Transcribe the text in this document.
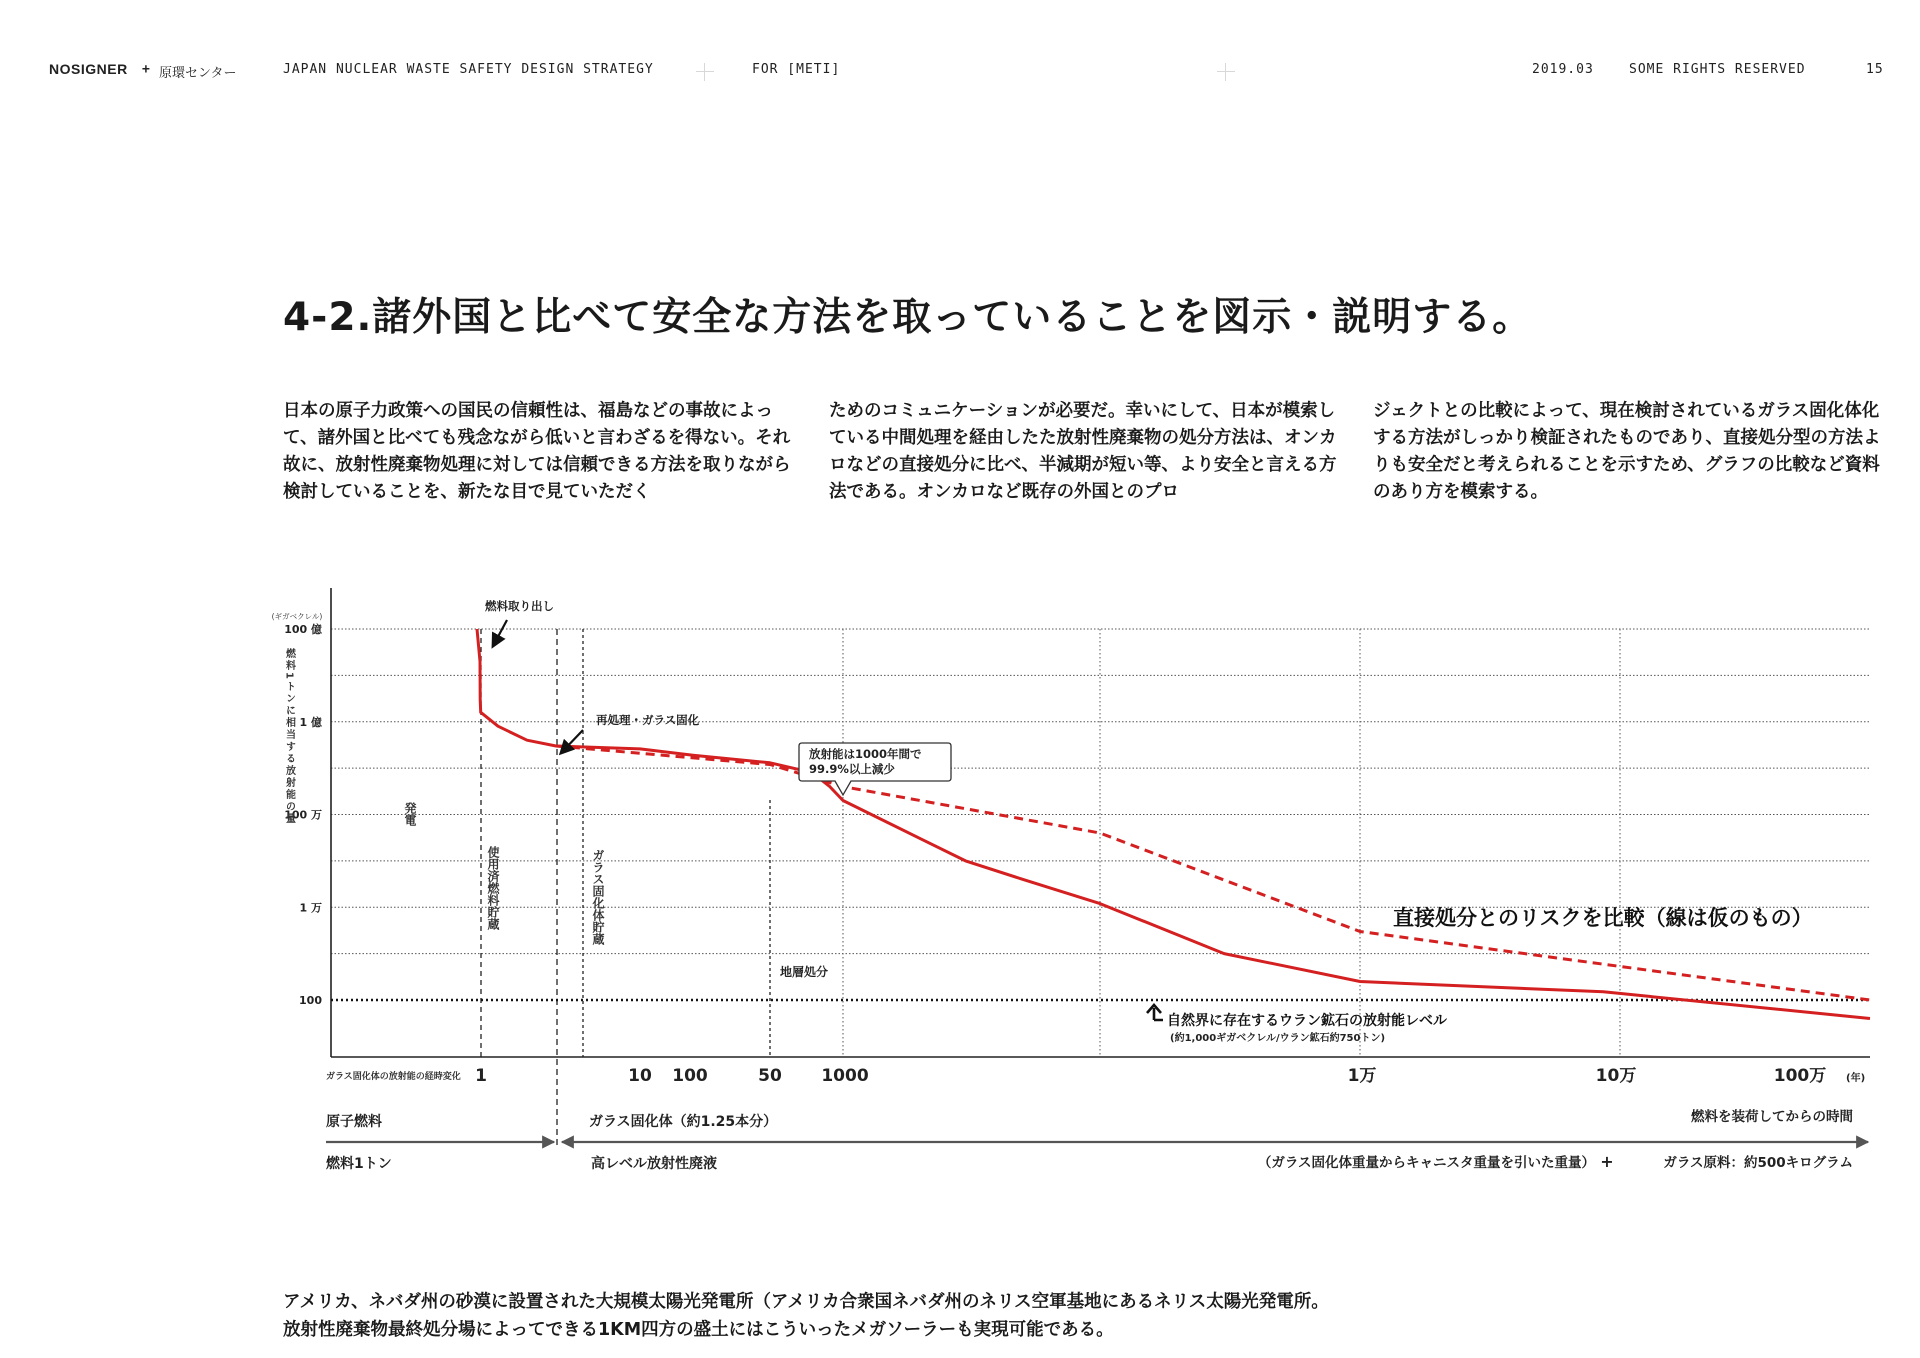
NOSIGNER + 原環センター	JAPAN NUCLEAR WASTE SAFETY DESIGN STRATEGY	FOR [METI]	2019.03	SOME RIGHTS RESERVED	15
4-2.諸外国と比べて安全な方法を取っていることを図示・説明する。
日本の原子力政策への国民の信頼性は、福島などの事故によって、諸外国と比べても残念ながら低いと言わざるを得ない。それ故に、放射性廃棄物処理に対しては信頼できる方法を取りながら検討していることを、新たな目で見ていただく
ためのコミュニケーションが必要だ。幸いにして、日本が模索している中間処理を経由したた放射性廃棄物の処分方法は、オンカロなどの直接処分に比べ、半減期が短い等、より安全と言える方法である。オンカロなど既存の外国とのプロ
ジェクトとの比較によって、現在検討されているガラス固化体化する方法がしっかり検証されたものであり、直接処分型の方法よりも安全だと考えられることを示すため、グラフの比較など資料のあり方を模索する。
100 億
1 億
100 万
1 万
100
1	10 100	50 1000	1万	10万	100万
(ギガベクレル)
燃料1トンに相当する放射能の量	発電
使用済燃料貯蔵	ガラス固化体貯蔵
燃料取り出し
再処理・ガラス固化
放射能は1000年間で
99.9%以上減少
直接処分とのリスクを比較（線は仮のもの）
地層処分
自然界に存在するウラン鉱石の放射能レベル
(約1,000ギガベクレル/ウラン鉱石約750トン)
ガラス固化体の放射能の経時変化	(年)
燃料を装荷してからの時間
原子燃料
燃料1トン
ガラス固化体（約1.25本分）
高レベル放射性廃液	（ガラス固化体重量からキャニスタ重量を引いた重量） +	ガラス原料：約500キログラム
アメリカ、ネバダ州の砂漠に設置された大規模太陽光発電所（アメリカ合衆国ネバダ州のネリス空軍基地にあるネリス太陽光発電所。
放射性廃棄物最終処分場によってできる1KM四方の盛土にはこういったメガソーラーも実現可能である。
